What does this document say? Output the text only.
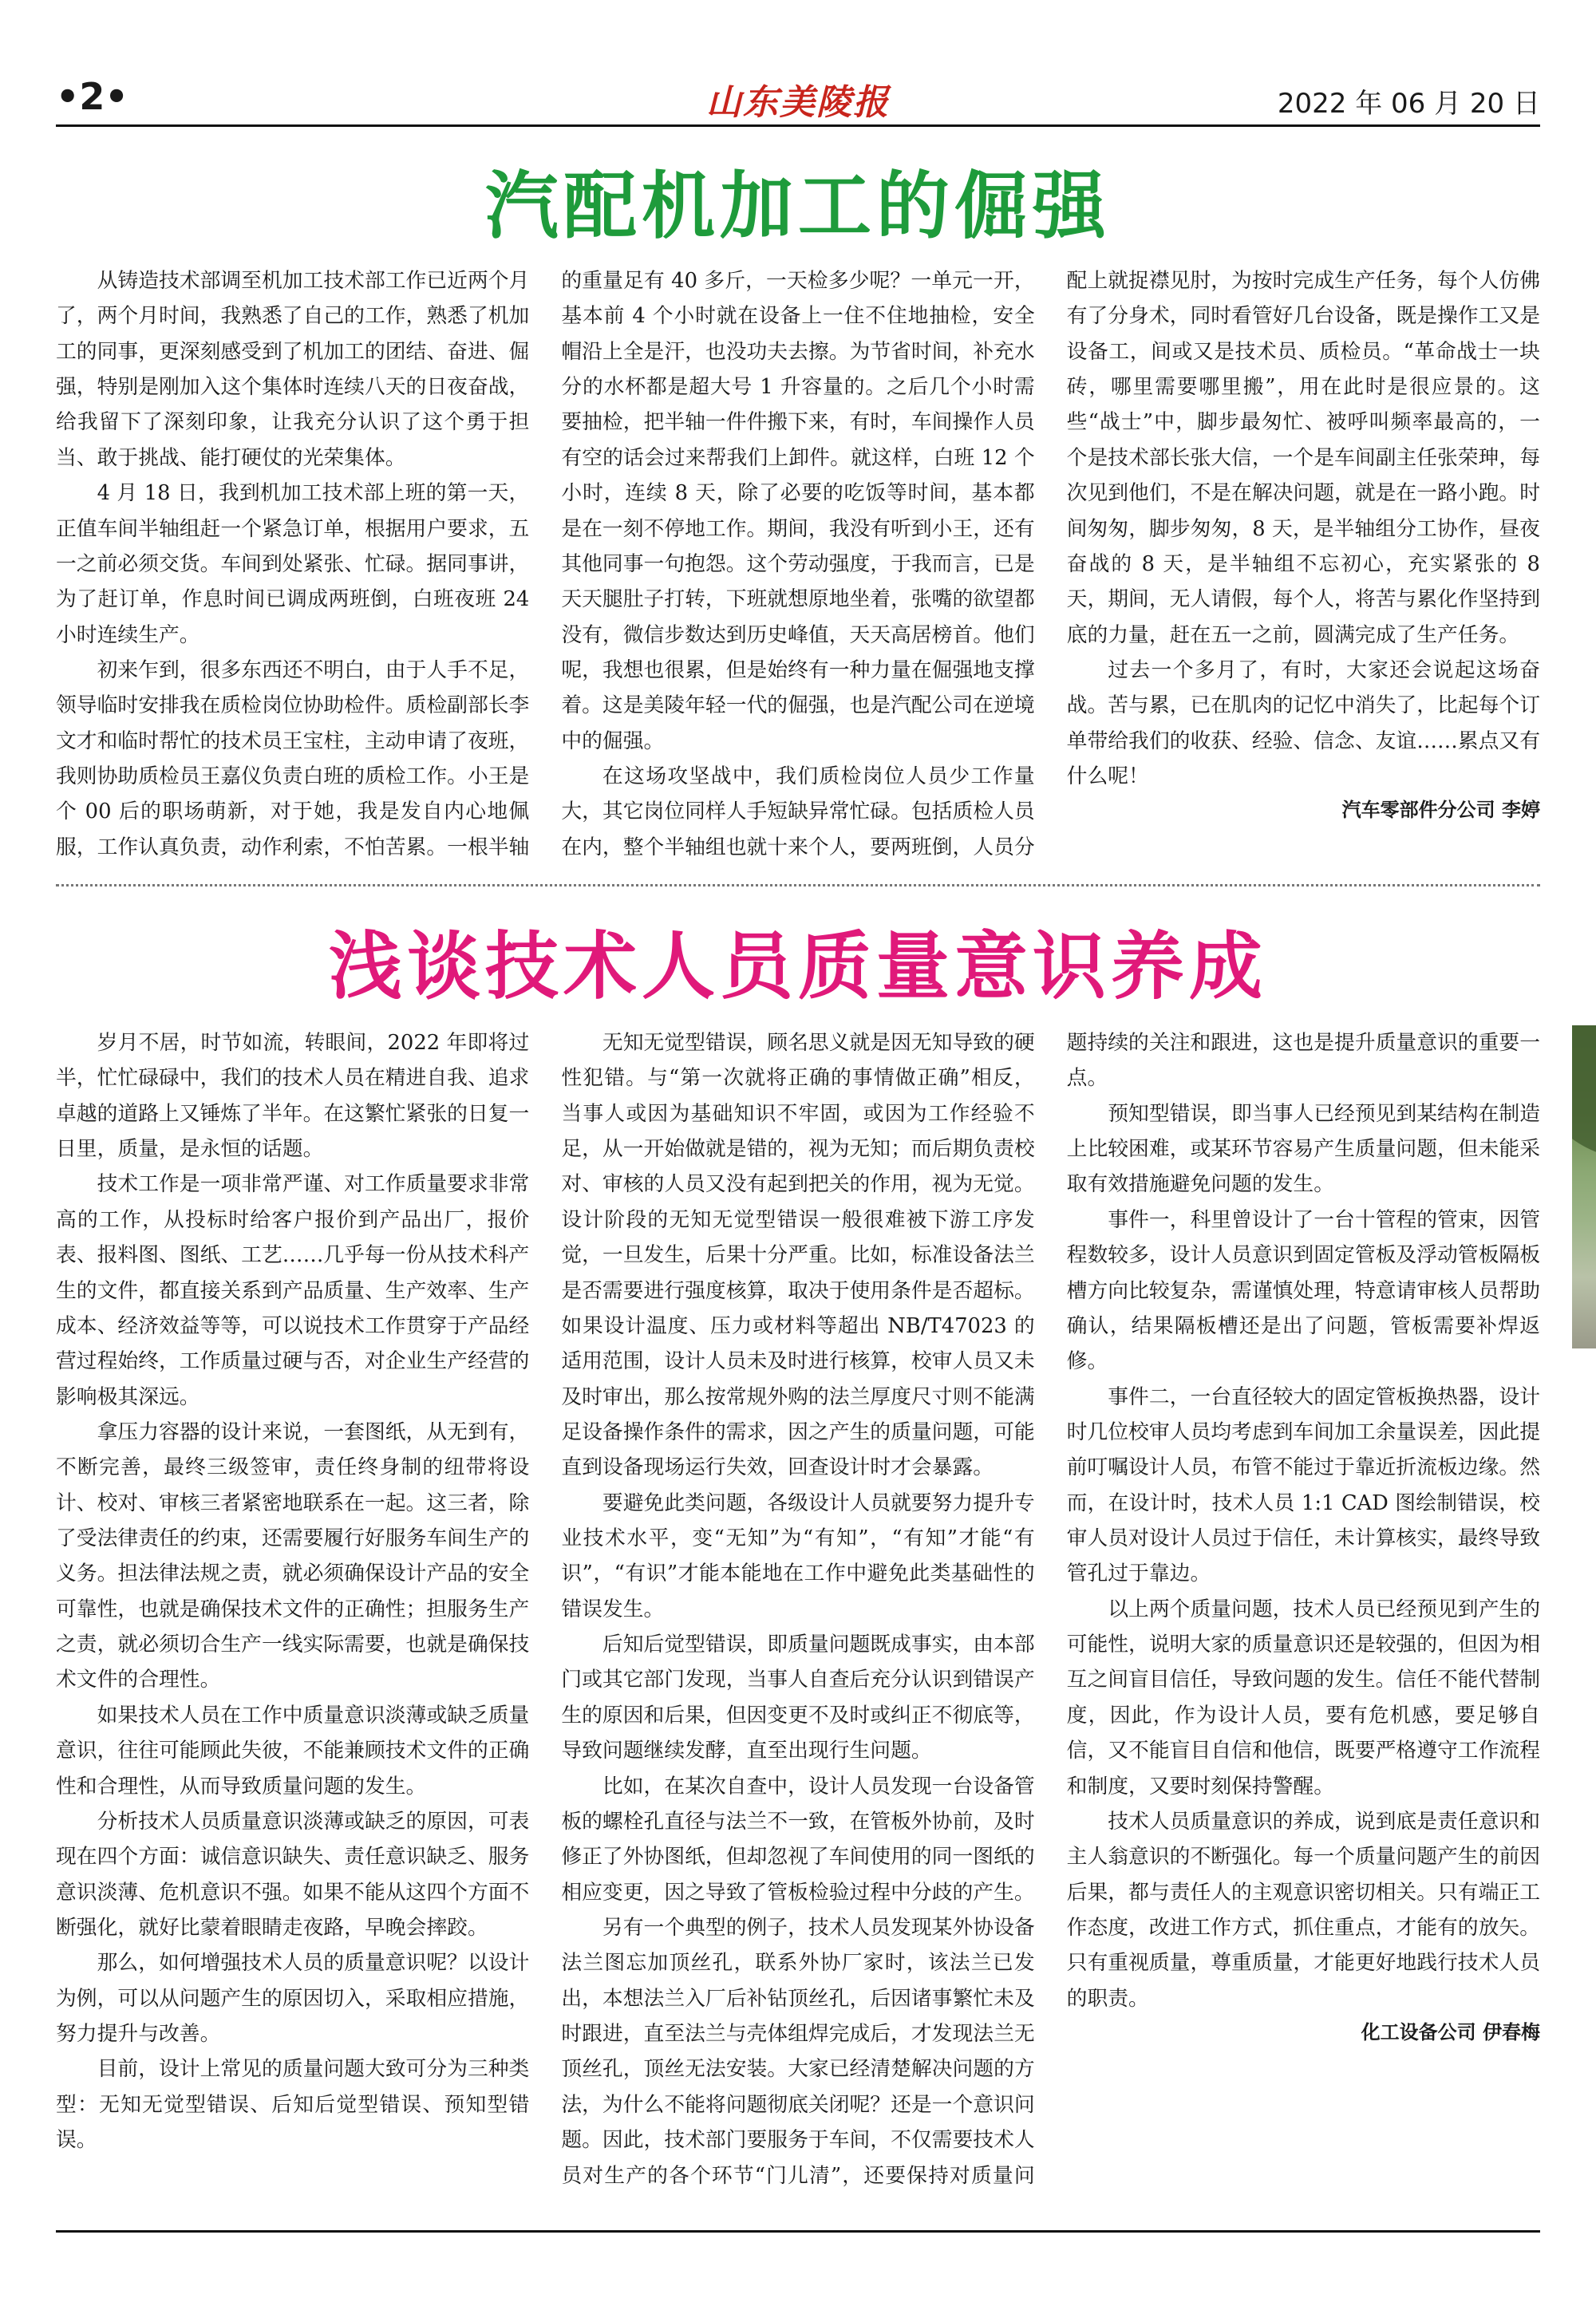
•2•	山东美陵报	2022 年 06 月 20 日
汽配机加工的倔强

从铸造技术部调至机加工技术部工作已近两个月了，两个月时间，我熟悉了自己的工作，熟悉了机加工的同事，更深刻感受到了机加工的团结、奋进、倔强，特别是刚加入这个集体时连续八天的日夜奋战，给我留下了深刻印象，让我充分认识了这个勇于担当、敢于挑战、能打硬仗的光荣集体。

4 月 18 日，我到机加工技术部上班的第一天，正值车间半轴组赶一个紧急订单，根据用户要求，五一之前必须交货。车间到处紧张、忙碌。据同事讲，为了赶订单，作息时间已调成两班倒，白班夜班 24 小时连续生产。

初来乍到，很多东西还不明白，由于人手不足，领导临时安排我在质检岗位协助检件。质检副部长李文才和临时帮忙的技术员王宝柱，主动申请了夜班，我则协助质检员王嘉仪负责白班的质检工作。小王是个 00 后的职场萌新，对于她，我是发自内心地佩服，工作认真负责，动作利索，不怕苦累。一根半轴的重量足有 40 多斤，一天检多少呢？一单元一开，基本前 4 个小时就在设备上一住不住地抽检，安全帽沿上全是汗，也没功夫去擦。为节省时间，补充水分的水杯都是超大号 1 升容量的。之后几个小时需要抽检，把半轴一件件搬下来，有时，车间操作人员有空的话会过来帮我们上卸件。就这样，白班 12 个小时，连续 8 天，除了必要的吃饭等时间，基本都是在一刻不停地工作。期间，我没有听到小王，还有其他同事一句抱怨。这个劳动强度，于我而言，已是天天腿肚子打转，下班就想原地坐着，张嘴的欲望都没有，微信步数达到历史峰值，天天高居榜首。他们呢，我想也很累，但是始终有一种力量在倔强地支撑着。这是美陵年轻一代的倔强，也是汽配公司在逆境中的倔强。

在这场攻坚战中，我们质检岗位人员少工作量大，其它岗位同样人手短缺异常忙碌。包括质检人员在内，整个半轴组也就十来个人，要两班倒，人员分配上就捉襟见肘，为按时完成生产任务，每个人仿佛有了分身术，同时看管好几台设备，既是操作工又是设备工，间或又是技术员、质检员。“革命战士一块砖，哪里需要哪里搬”，用在此时是很应景的。这些“战士”中，脚步最匆忙、被呼叫频率最高的，一个是技术部长张大信，一个是车间副主任张荣珅，每次见到他们，不是在解决问题，就是在一路小跑。时间匆匆，脚步匆匆，8 天，是半轴组分工协作，昼夜奋战的 8 天，是半轴组不忘初心，充实紧张的 8 天，期间，无人请假，每个人，将苦与累化作坚持到底的力量，赶在五一之前，圆满完成了生产任务。

过去一个多月了，有时，大家还会说起这场奋战。苦与累，已在肌肉的记忆中消失了，比起每个订单带给我们的收获、经验、信念、友谊……累点又有什么呢！

汽车零部件分公司 李婷

浅谈技术人员质量意识养成

岁月不居，时节如流，转眼间，2022 年即将过半，忙忙碌碌中，我们的技术人员在精进自我、追求卓越的道路上又锤炼了半年。在这繁忙紧张的日复一日里，质量，是永恒的话题。

技术工作是一项非常严谨、对工作质量要求非常高的工作，从投标时给客户报价到产品出厂，报价表、报料图、图纸、工艺……几乎每一份从技术科产生的文件，都直接关系到产品质量、生产效率、生产成本、经济效益等等，可以说技术工作贯穿于产品经营过程始终，工作质量过硬与否，对企业生产经营的影响极其深远。

拿压力容器的设计来说，一套图纸，从无到有，不断完善，最终三级签审，责任终身制的纽带将设计、校对、审核三者紧密地联系在一起。这三者，除了受法律责任的约束，还需要履行好服务车间生产的义务。担法律法规之责，就必须确保设计产品的安全可靠性，也就是确保技术文件的正确性；担服务生产之责，就必须切合生产一线实际需要，也就是确保技术文件的合理性。

如果技术人员在工作中质量意识淡薄或缺乏质量意识，往往可能顾此失彼，不能兼顾技术文件的正确性和合理性，从而导致质量问题的发生。

分析技术人员质量意识淡薄或缺乏的原因，可表现在四个方面：诚信意识缺失、责任意识缺乏、服务意识淡薄、危机意识不强。如果不能从这四个方面不断强化，就好比蒙着眼睛走夜路，早晚会摔跤。

那么，如何增强技术人员的质量意识呢？以设计为例，可以从问题产生的原因切入，采取相应措施，努力提升与改善。

目前，设计上常见的质量问题大致可分为三种类型：无知无觉型错误、后知后觉型错误、预知型错误。

无知无觉型错误，顾名思义就是因无知导致的硬性犯错。与“第一次就将正确的事情做正确”相反，当事人或因为基础知识不牢固，或因为工作经验不足，从一开始做就是错的，视为无知；而后期负责校对、审核的人员又没有起到把关的作用，视为无觉。设计阶段的无知无觉型错误一般很难被下游工序发觉，一旦发生，后果十分严重。比如，标准设备法兰是否需要进行强度核算，取决于使用条件是否超标。如果设计温度、压力或材料等超出 NB/T47023 的适用范围，设计人员未及时进行核算，校审人员又未及时审出，那么按常规外购的法兰厚度尺寸则不能满足设备操作条件的需求，因之产生的质量问题，可能直到设备现场运行失效，回查设计时才会暴露。

要避免此类问题，各级设计人员就要努力提升专业技术水平，变“无知”为“有知”，“有知”才能“有识”，“有识”才能本能地在工作中避免此类基础性的错误发生。

后知后觉型错误，即质量问题既成事实，由本部门或其它部门发现，当事人自查后充分认识到错误产生的原因和后果，但因变更不及时或纠正不彻底等，导致问题继续发酵，直至出现行生问题。

比如，在某次自查中，设计人员发现一台设备管板的螺栓孔直径与法兰不一致，在管板外协前，及时修正了外协图纸，但却忽视了车间使用的同一图纸的相应变更，因之导致了管板检验过程中分歧的产生。

另有一个典型的例子，技术人员发现某外协设备法兰图忘加顶丝孔，联系外协厂家时，该法兰已发出，本想法兰入厂后补钻顶丝孔，后因诸事繁忙未及时跟进，直至法兰与壳体组焊完成后，才发现法兰无顶丝孔，顶丝无法安装。大家已经清楚解决问题的方法，为什么不能将问题彻底关闭呢？还是一个意识问题。因此，技术部门要服务于车间，不仅需要技术人员对生产的各个环节“门儿清”，还要保持对质量问题持续的关注和跟进，这也是提升质量意识的重要一点。

预知型错误，即当事人已经预见到某结构在制造上比较困难，或某环节容易产生质量问题，但未能采取有效措施避免问题的发生。

事件一，科里曾设计了一台十管程的管束，因管程数较多，设计人员意识到固定管板及浮动管板隔板槽方向比较复杂，需谨慎处理，特意请审核人员帮助确认，结果隔板槽还是出了问题，管板需要补焊返修。

事件二，一台直径较大的固定管板换热器，设计时几位校审人员均考虑到车间加工余量误差，因此提前叮嘱设计人员，布管不能过于靠近折流板边缘。然而，在设计时，技术人员 1:1 CAD 图绘制错误，校审人员对设计人员过于信任，未计算核实，最终导致管孔过于靠边。

以上两个质量问题，技术人员已经预见到产生的可能性，说明大家的质量意识还是较强的，但因为相互之间盲目信任，导致问题的发生。信任不能代替制度，因此，作为设计人员，要有危机感，要足够自信，又不能盲目自信和他信，既要严格遵守工作流程和制度，又要时刻保持警醒。

技术人员质量意识的养成，说到底是责任意识和主人翁意识的不断强化。每一个质量问题产生的前因后果，都与责任人的主观意识密切相关。只有端正工作态度，改进工作方式，抓住重点，才能有的放矢。只有重视质量，尊重质量，才能更好地践行技术人员的职责。

化工设备公司 伊春梅
